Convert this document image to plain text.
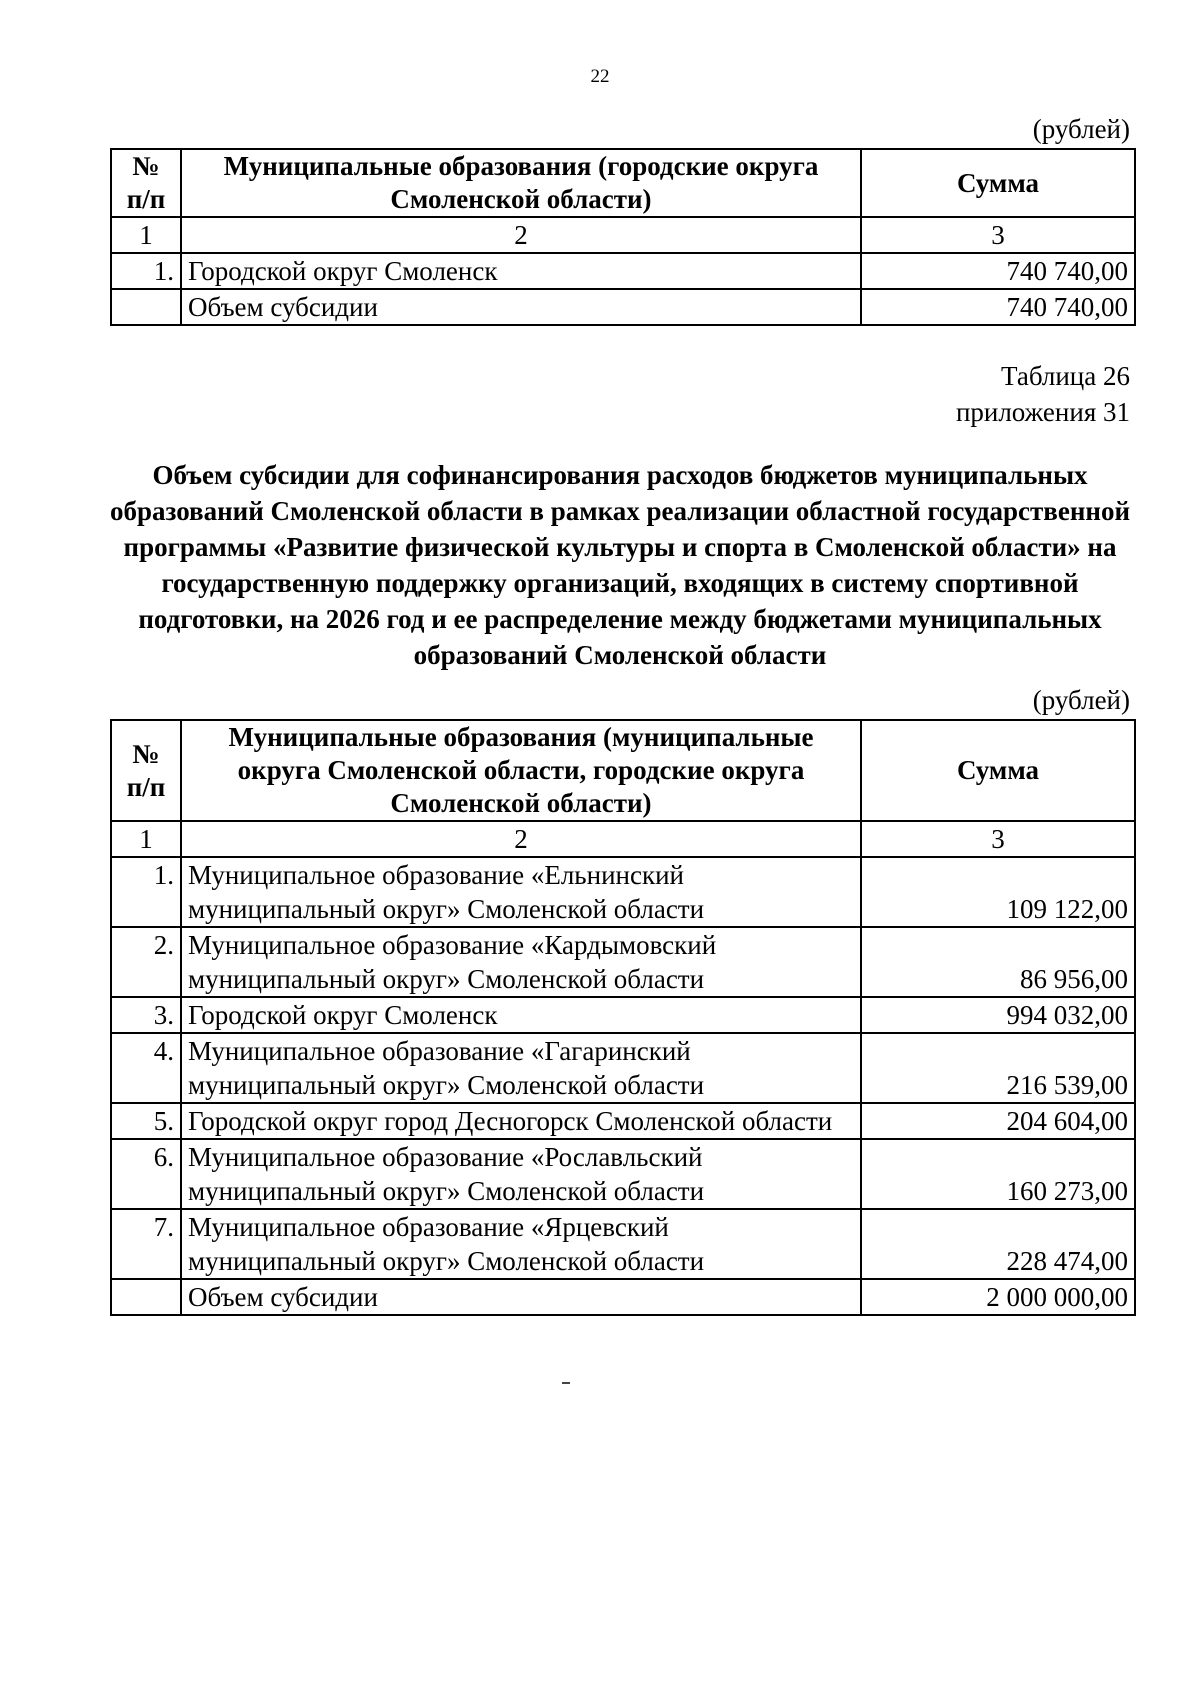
22
(рублей)
№ п/п	Муниципальные образования (городские округа Смоленской области)	Сумма
1	2	3
1.	Городской округ Смоленск	740 740,00
	Объем субсидии	740 740,00
Таблица 26
приложения 31
Объем субсидии для софинансирования расходов бюджетов муниципальных образований Смоленской области в рамках реализации областной государственной программы «Развитие физической культуры и спорта в Смоленской области» на государственную поддержку организаций, входящих в систему спортивной подготовки, на 2026 год и ее распределение между бюджетами муниципальных образований Смоленской области
(рублей)
№ п/п	Муниципальные образования (муниципальные округа Смоленской области, городские округа Смоленской области)	Сумма
1	2	3
1.	Муниципальное образование «Ельнинский муниципальный округ» Смоленской области	109 122,00
2.	Муниципальное образование «Кардымовский муниципальный округ» Смоленской области	86 956,00
3.	Городской округ Смоленск	994 032,00
4.	Муниципальное образование «Гагаринский муниципальный округ» Смоленской области	216 539,00
5.	Городской округ город Десногорск Смоленской области	204 604,00
6.	Муниципальное образование «Рославльский муниципальный округ» Смоленской области	160 273,00
7.	Муниципальное образование «Ярцевский муниципальный округ» Смоленской области	228 474,00
	Объем субсидии	2 000 000,00
